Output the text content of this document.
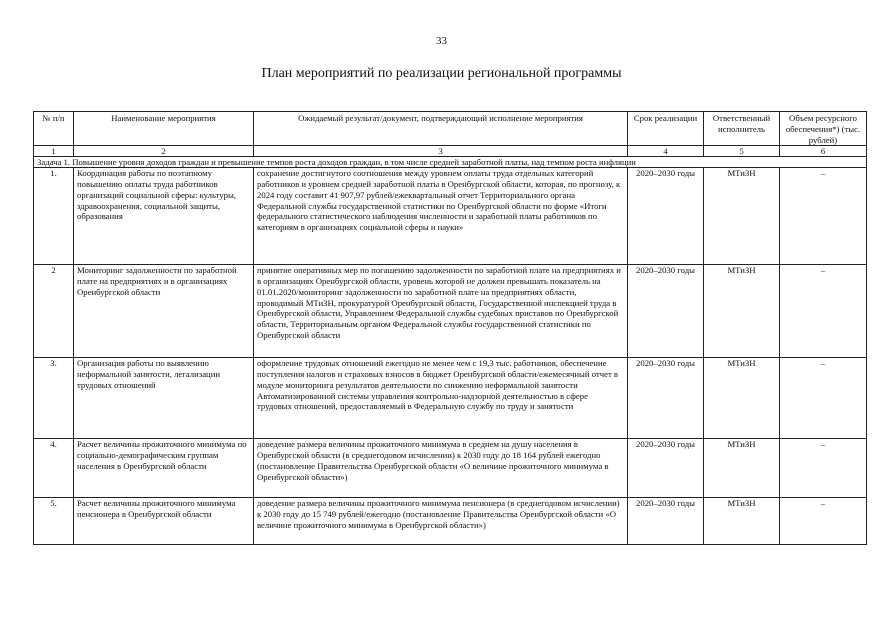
33
План мероприятий по реализации региональной программы
№ п/п	Наименование мероприятия	Ожидаемый результат/документ, подтверждающий исполнение мероприятия	Срок реализации	Ответственный исполнитель	Объем ресурсного обеспечения*) (тыс. рублей)
1	2	3	4	5	6
Задача 1. Повышение уровня доходов граждан и превышение темпов роста доходов граждан, в том числе средней заработной платы, над темпом роста инфляции					
1.	Координация работы по поэтапному повышению оплаты труда работников организаций социальной сферы: культуры, здравоохранения, социальной защиты, образования	сохранение достигнутого соотношения между уровнем оплаты труда отдельных категорий работников и уровнем средней заработной платы в Оренбургской области, которая, по прогнозу, к 2024 году составит 41 907,97 рублей/ежеквартальный отчет Территориального органа Федеральной службы государственной статистики по Оренбургской области по форме «Итоги федерального статистического наблюдения численности и заработной платы работников по категориям в организациях социальной сферы и науки»	2020–2030 годы	МТиЗН	–
2	Мониторинг задолженности по заработной плате на предприятиях и в организациях Оренбургской области	принятие оперативных мер по погашению задолженности по заработной плате на предприятиях и в организациях Оренбургской области, уровень которой не должен превышать показатель на 01.01.2020/мониторинг задолженности по заработной плате на предприятиях области, проводимый МТиЗН, прокуратурой Оренбургской области, Государственной инспекцией труда в Оренбургской области, Управлением Федеральной службы судебных приставов по Оренбургской области, Территориальным органом Федеральной службы государственной статистики по Оренбургской области	2020–2030 годы	МТиЗН	–
3.	Организация работы по выявлению неформальной занятости, легализации трудовых отношений	оформление трудовых отношений ежегодно не менее чем с 19,3 тыс. работников, обеспечение поступления налогов и страховых взносов в бюджет Оренбургской области/ежемесячный отчет в модуле мониторинга результатов деятельности по снижению неформальной занятости Автоматизированной системы управления контрольно-надзорной деятельностью в сфере трудовых отношений, предоставляемый в Федеральную службу по труду и занятости	2020–2030 годы	МТиЗН	–
4.	Расчет величины прожиточного минимума по социально-демографическим группам населения в Оренбургской области	доведение размера величины прожиточного минимума в среднем на душу населения в Оренбургской области (в среднегодовом исчислении) к 2030 году до 18 164 рублей ежегодно (постановление Правительства Оренбургской области «О величине прожиточного минимума в Оренбургской области»)	2020–2030 годы	МТиЗН	–
5.	Расчет величины прожиточного минимума пенсионера в Оренбургской области	доведение размера величины прожиточного минимума пенсионера (в среднегодовом исчислении) к 2030 году до 15 749 рублей/ежегодно (постановление Правительства Оренбургской области «О величине прожиточного минимума в Оренбургской области»)	2020–2030 годы	МТиЗН	–
